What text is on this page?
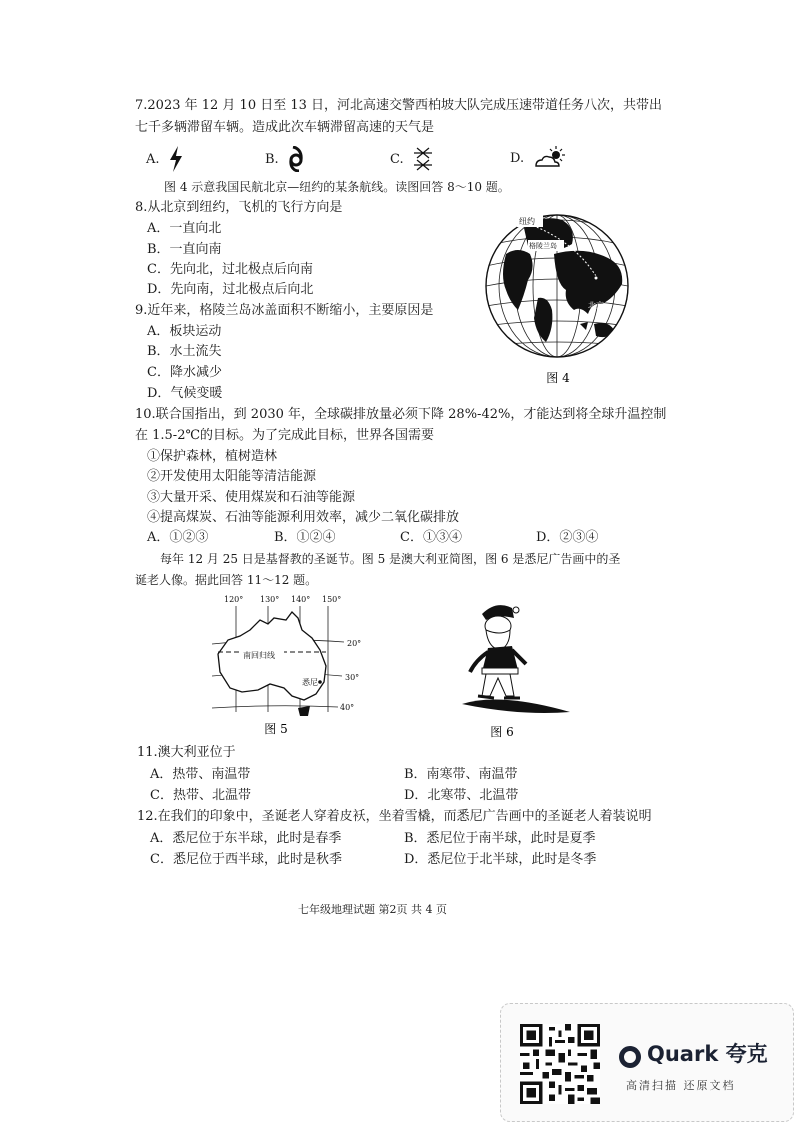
7.2023 年 12 月 10 日至 13 日，河北高速交警西柏坡大队完成压速带道任务八次，共带出
七千多辆滞留车辆。造成此次车辆滞留高速的天气是
A.	B.	C.	D.
图 4 示意我国民航北京—纽约的某条航线。读图回答 8～10 题。
8.从北京到纽约，飞机的飞行方向是
A．一直向北
B．一直向南
C．先向北，过北极点后向南
D．先向南，过北极点后向北
9.近年来，格陵兰岛冰盖面积不断缩小，主要原因是
A．板块运动
B．水土流失
C．降水减少
D．气候变暖
纽约
格陵兰岛
北京
图 4
10.联合国指出，到 2030 年，全球碳排放量必须下降 28%-42%，才能达到将全球升温控制
在 1.5-2℃的目标。为了完成此目标，世界各国需要
①保护森林，植树造林
②开发使用太阳能等清洁能源
③大量开采、使用煤炭和石油等能源
④提高煤炭、石油等能源利用效率，减少二氧化碳排放
A．①②③	B．①②④	C．①③④	D．②③④
每年 12 月 25 日是基督教的圣诞节。图 5 是澳大利亚简图，图 6 是悉尼广告画中的圣
诞老人像。据此回答 11～12 题。
120° 130° 140° 150°
20°
30°
40°
南回归线
悉尼
图 5	图 6
11.澳大利亚位于
A．热带、南温带	B．南寒带、南温带
C．热带、北温带	D．北寒带、北温带
12.在我们的印象中，圣诞老人穿着皮袄，坐着雪橇，而悉尼广告画中的圣诞老人着装说明
A．悉尼位于东半球，此时是春季	B．悉尼位于南半球，此时是夏季
C．悉尼位于西半球，此时是秋季	D．悉尼位于北半球，此时是冬季
七年级地理试题 第2页 共 4 页
Quark 夸克
高清扫描 还原文档
